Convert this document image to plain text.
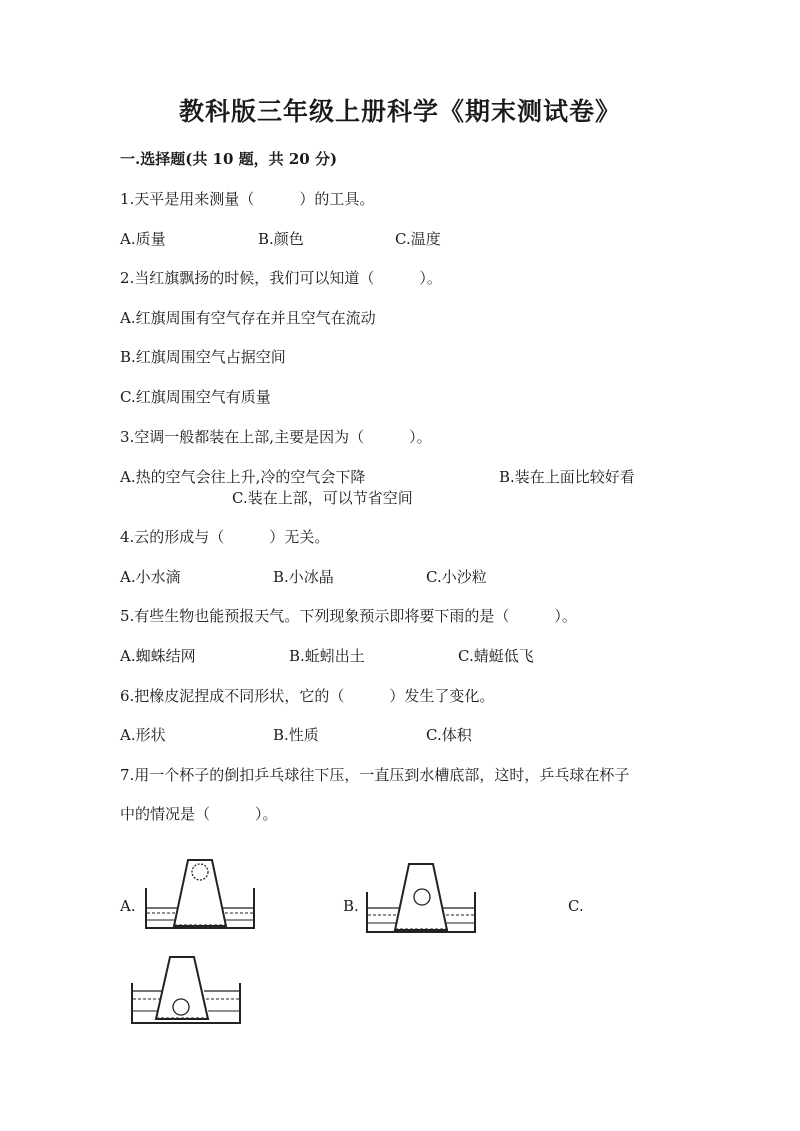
教科版三年级上册科学《期末测试卷》
一.选择题(共 10 题，共 20 分)
1.天平是用来测量（　　　）的工具。
A.质量	B.颜色	C.温度
2.当红旗飘扬的时候，我们可以知道（　　　）。
A.红旗周围有空气存在并且空气在流动
B.红旗周围空气占据空间
C.红旗周围空气有质量
3.空调一般都装在上部,主要是因为（　　　）。
A.热的空气会往上升,冷的空气会下降	B.装在上面比较好看
C.装在上部，可以节省空间
4.云的形成与（　　　）无关。
A.小水滴	B.小冰晶	C.小沙粒
5.有些生物也能预报天气。下列现象预示即将要下雨的是（　　　）。
A.蜘蛛结网	B.蚯蚓出土	C.蜻蜓低飞
6.把橡皮泥捏成不同形状，它的（　　　）发生了变化。
A.形状	B.性质	C.体积
7.用一个杯子的倒扣乒乓球往下压，一直压到水槽底部，这时，乒乓球在杯子
中的情况是（　　　）。
A.	B.	C.
